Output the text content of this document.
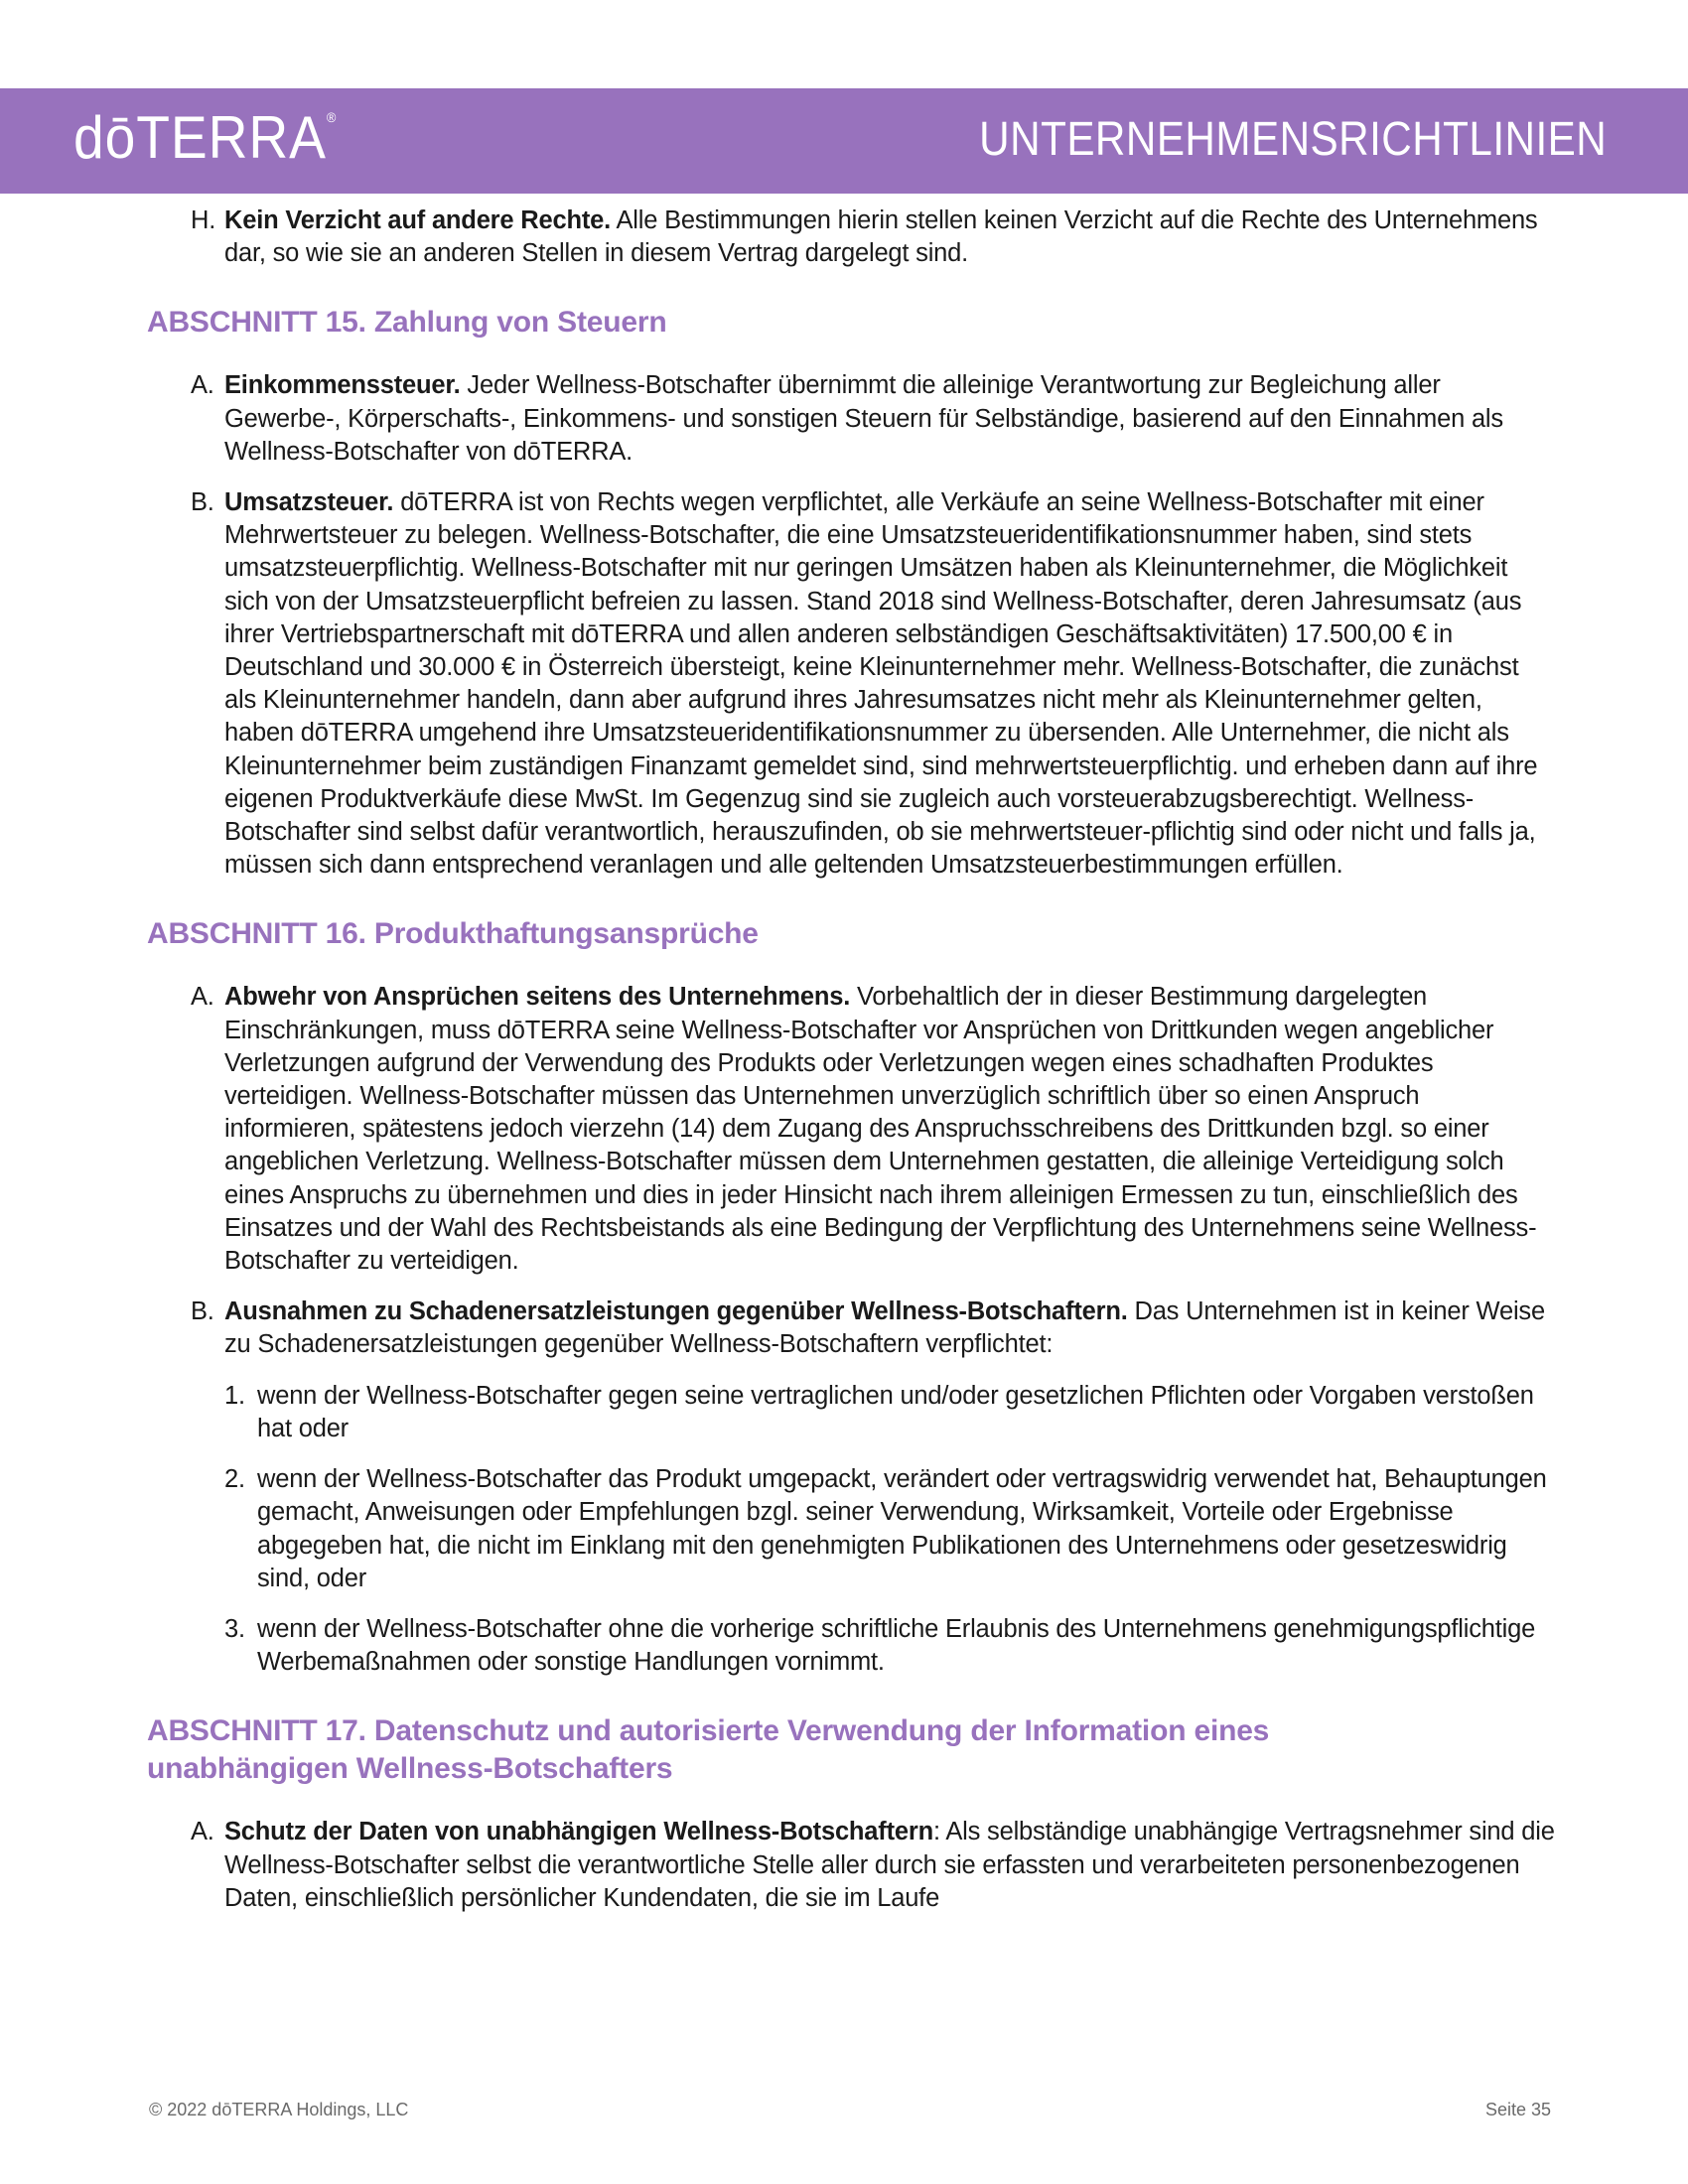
dōTERRA®	UNTERNEHMENSRICHTLINIEN

H. Kein Verzicht auf andere Rechte. Alle Bestimmungen hierin stellen keinen Verzicht auf die Rechte des Unternehmens dar, so wie sie an anderen Stellen in diesem Vertrag dargelegt sind.

ABSCHNITT 15. Zahlung von Steuern

A. Einkommenssteuer. Jeder Wellness-Botschafter übernimmt die alleinige Verantwortung zur Begleichung aller Gewerbe-, Körperschafts-, Einkommens- und sonstigen Steuern für Selbständige, basierend auf den Einnahmen als Wellness-Botschafter von dōTERRA.

B. Umsatzsteuer. dōTERRA ist von Rechts wegen verpflichtet, alle Verkäufe an seine Wellness-Botschafter mit einer Mehrwertsteuer zu belegen. Wellness-Botschafter, die eine Umsatzsteueridentifikationsnummer haben, sind stets umsatzsteuerpflichtig. Wellness-Botschafter mit nur geringen Umsätzen haben als Kleinunternehmer, die Möglichkeit sich von der Umsatzsteuerpflicht befreien zu lassen. Stand 2018 sind Wellness-Botschafter, deren Jahresumsatz (aus ihrer Vertriebspartnerschaft mit dōTERRA und allen anderen selbständigen Geschäftsaktivitäten) 17.500,00 € in Deutschland und 30.000 € in Österreich übersteigt, keine Kleinunternehmer mehr. Wellness-Botschafter, die zunächst als Kleinunternehmer handeln, dann aber aufgrund ihres Jahresumsatzes nicht mehr als Kleinunternehmer gelten, haben dōTERRA umgehend ihre Umsatzsteueridentifikationsnummer zu übersenden. Alle Unternehmer, die nicht als Kleinunternehmer beim zuständigen Finanzamt gemeldet sind, sind mehrwertsteuerpflichtig. und erheben dann auf ihre eigenen Produktverkäufe diese MwSt. Im Gegenzug sind sie zugleich auch vorsteuerabzugsberechtigt. Wellness-Botschafter sind selbst dafür verantwortlich, herauszufinden, ob sie mehrwertsteuer-pflichtig sind oder nicht und falls ja, müssen sich dann entsprechend veranlagen und alle geltenden Umsatzsteuerbestimmungen erfüllen.

ABSCHNITT 16. Produkthaftungsansprüche

A. Abwehr von Ansprüchen seitens des Unternehmens. Vorbehaltlich der in dieser Bestimmung dargelegten Einschränkungen, muss dōTERRA seine Wellness-Botschafter vor Ansprüchen von Drittkunden wegen angeblicher Verletzungen aufgrund der Verwendung des Produkts oder Verletzungen wegen eines schadhaften Produktes verteidigen. Wellness-Botschafter müssen das Unternehmen unverzüglich schriftlich über so einen Anspruch informieren, spätestens jedoch vierzehn (14) dem Zugang des Anspruchsschreibens des Drittkunden bzgl. so einer angeblichen Verletzung. Wellness-Botschafter müssen dem Unternehmen gestatten, die alleinige Verteidigung solch eines Anspruchs zu übernehmen und dies in jeder Hinsicht nach ihrem alleinigen Ermessen zu tun, einschließlich des Einsatzes und der Wahl des Rechtsbeistands als eine Bedingung der Verpflichtung des Unternehmens seine Wellness-Botschafter zu verteidigen.

B. Ausnahmen zu Schadenersatzleistungen gegenüber Wellness-Botschaftern. Das Unternehmen ist in keiner Weise zu Schadenersatzleistungen gegenüber Wellness-Botschaftern verpflichtet:

1. wenn der Wellness-Botschafter gegen seine vertraglichen und/oder gesetzlichen Pflichten oder Vorgaben verstoßen hat oder

2. wenn der Wellness-Botschafter das Produkt umgepackt, verändert oder vertragswidrig verwendet hat, Behauptungen gemacht, Anweisungen oder Empfehlungen bzgl. seiner Verwendung, Wirksamkeit, Vorteile oder Ergebnisse abgegeben hat, die nicht im Einklang mit den genehmigten Publikationen des Unternehmens oder gesetzeswidrig sind, oder

3. wenn der Wellness-Botschafter ohne die vorherige schriftliche Erlaubnis des Unternehmens genehmigungspflichtige Werbemaßnahmen oder sonstige Handlungen vornimmt.

ABSCHNITT 17. Datenschutz und autorisierte Verwendung der Information eines unabhängigen Wellness-Botschafters

A. Schutz der Daten von unabhängigen Wellness-Botschaftern: Als selbständige unabhängige Vertragsnehmer sind die Wellness-Botschafter selbst die verantwortliche Stelle aller durch sie erfassten und verarbeiteten personenbezogenen Daten, einschließlich persönlicher Kundendaten, die sie im Laufe

© 2022 dōTERRA Holdings, LLC	Seite 35
